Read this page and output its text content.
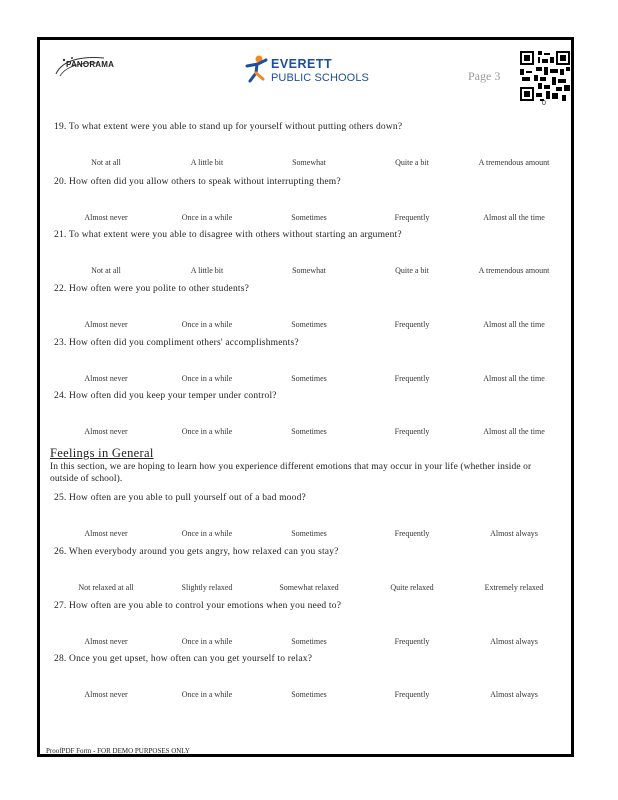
PANORAMA	EVERETT
PUBLIC SCHOOLS	Page 3
0
19. To what extent were you able to stand up for yourself without putting others down?
Not at all	A little bit	Somewhat	Quite a bit	A tremendous amount
20. How often did you allow others to speak without interrupting them?
Almost never	Once in a while	Sometimes	Frequently	Almost all the time
21. To what extent were you able to disagree with others without starting an argument?
Not at all	A little bit	Somewhat	Quite a bit	A tremendous amount
22. How often were you polite to other students?
Almost never	Once in a while	Sometimes	Frequently	Almost all the time
23. How often did you compliment others' accomplishments?
Almost never	Once in a while	Sometimes	Frequently	Almost all the time
24. How often did you keep your temper under control?
Almost never	Once in a while	Sometimes	Frequently	Almost all the time
25. How often are you able to pull yourself out of a bad mood?
Almost never	Once in a while	Sometimes	Frequently	Almost always
26. When everybody around you gets angry, how relaxed can you stay?
Not relaxed at all	Slightly relaxed	Somewhat relaxed	Quite relaxed	Extremely relaxed
27. How often are you able to control your emotions when you need to?
Almost never	Once in a while	Sometimes	Frequently	Almost always
28. Once you get upset, how often can you get yourself to relax?
Almost never	Once in a while	Sometimes	Frequently	Almost always
Feelings in General
In this section, we are hoping to learn how you experience different emotions that may occur in your life (whether inside or outside of school).
ProofPDF Form - FOR DEMO PURPOSES ONLY
